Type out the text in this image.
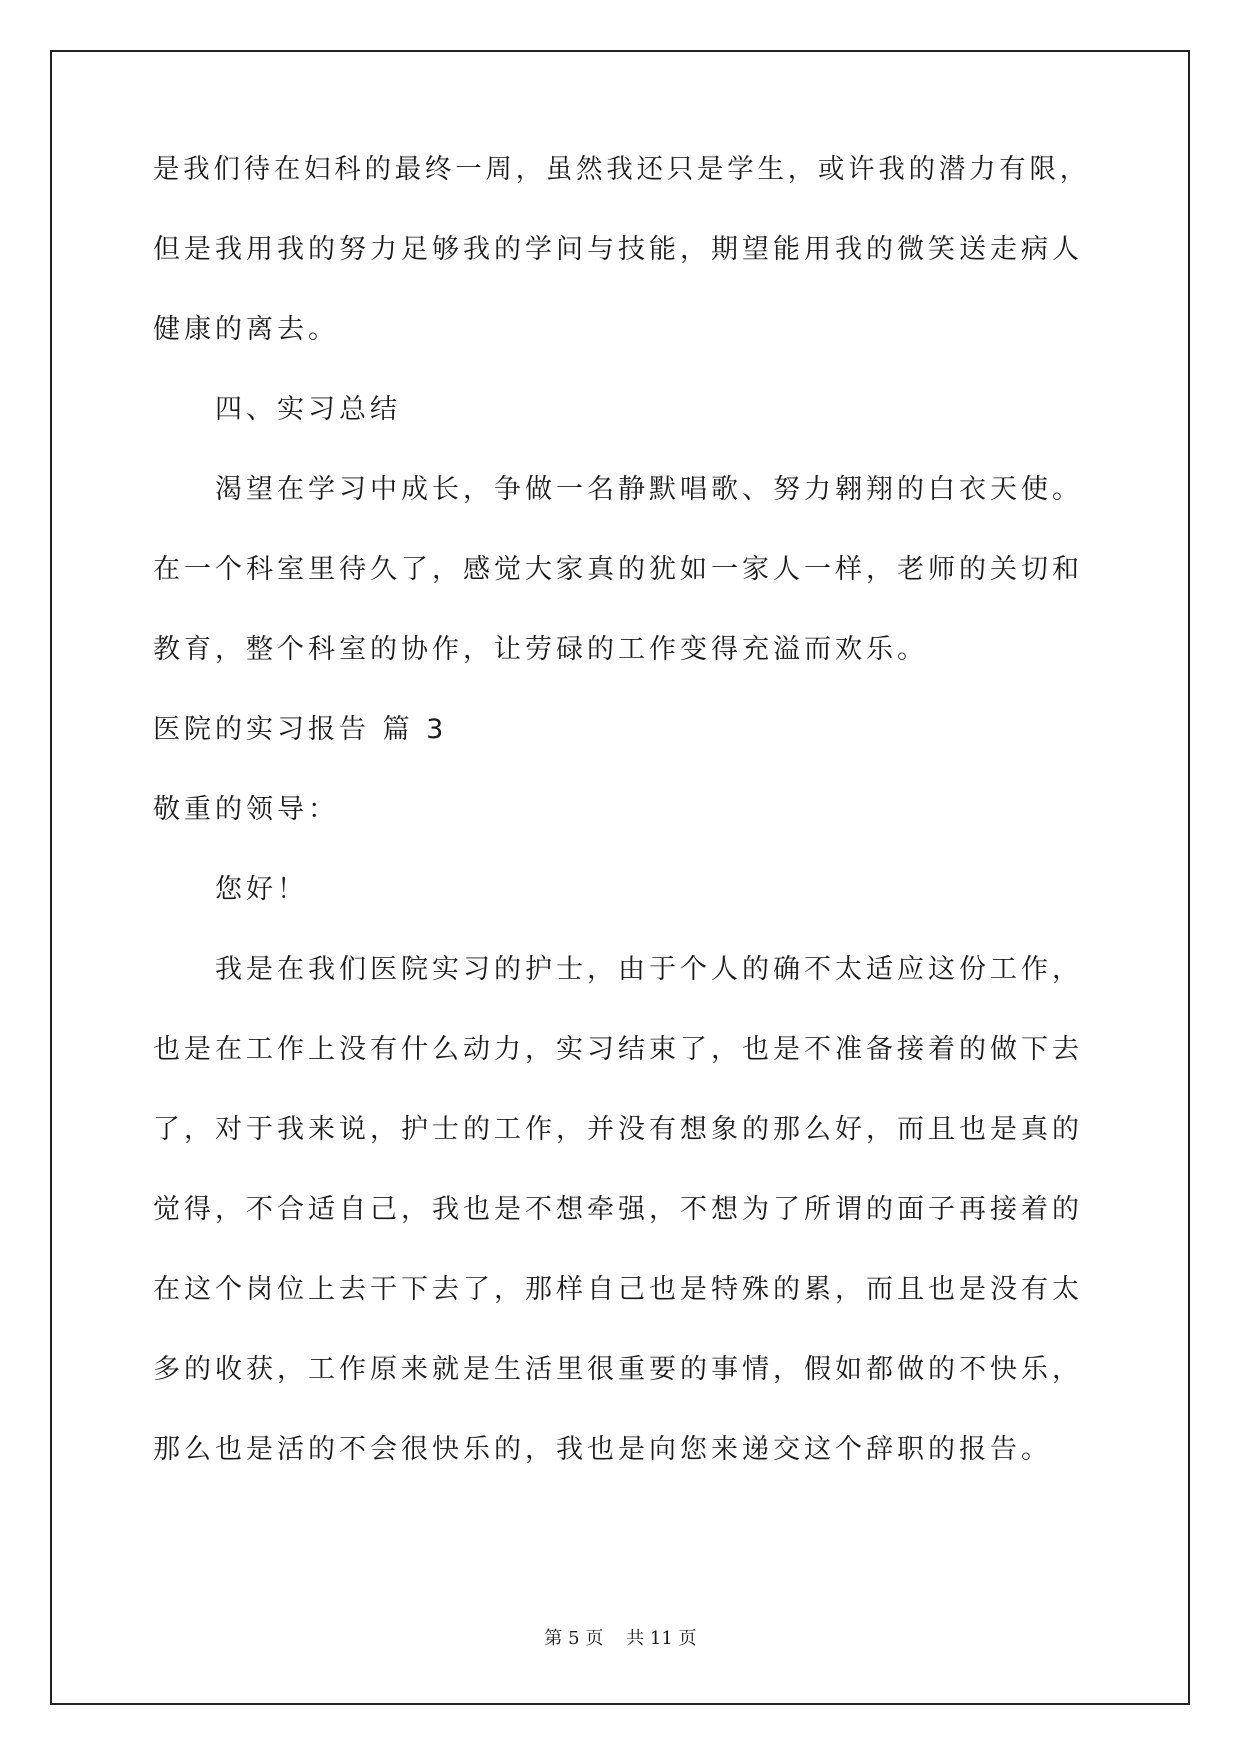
是我们待在妇科的最终一周，虽然我还只是学生，或许我的潜力有限，
但是我用我的努力足够我的学问与技能，期望能用我的微笑送走病人
健康的离去。
四、实习总结
渴望在学习中成长，争做一名静默唱歌、努力翱翔的白衣天使。
在一个科室里待久了，感觉大家真的犹如一家人一样，老师的关切和
教育，整个科室的协作，让劳碌的工作变得充溢而欢乐。
医院的实习报告 篇 3
敬重的领导：
您好！
我是在我们医院实习的护士，由于个人的确不太适应这份工作，
也是在工作上没有什么动力，实习结束了，也是不准备接着的做下去
了，对于我来说，护士的工作，并没有想象的那么好，而且也是真的
觉得，不合适自己，我也是不想牵强，不想为了所谓的面子再接着的
在这个岗位上去干下去了，那样自己也是特殊的累，而且也是没有太
多的收获，工作原来就是生活里很重要的事情，假如都做的不快乐，
那么也是活的不会很快乐的，我也是向您来递交这个辞职的报告。
第 5 页    共 11 页
